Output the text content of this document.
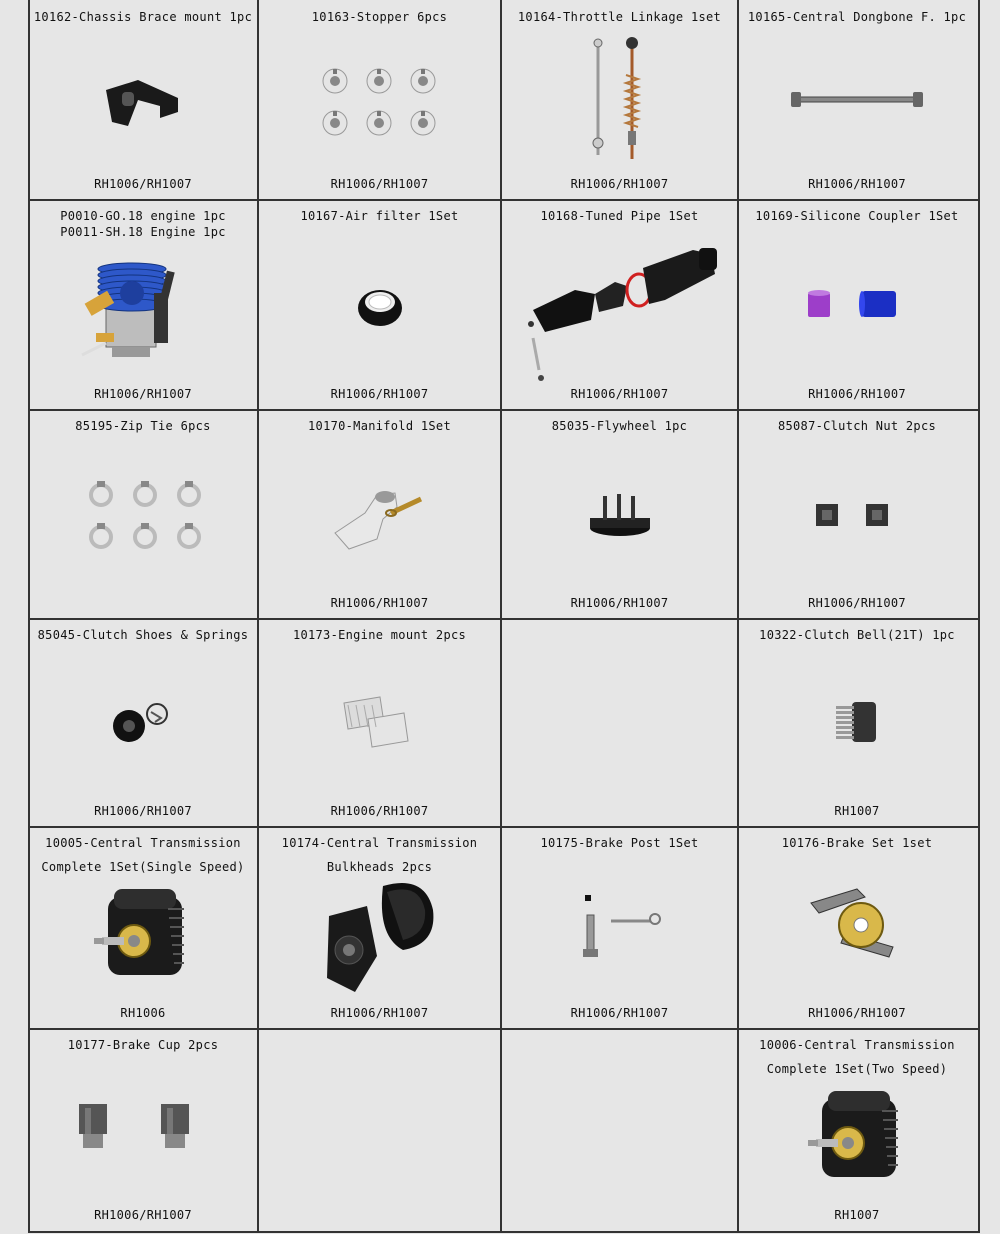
10162-Chassis Brace mount 1pc
RH1006/RH1007
10163-Stopper 6pcs
RH1006/RH1007
10164-Throttle Linkage 1set
RH1006/RH1007
10165-Central Dongbone F. 1pc
RH1006/RH1007
P0010-GO.18 engine 1pc
P0011-SH.18 Engine 1pc
RH1006/RH1007
10167-Air filter 1Set
RH1006/RH1007
10168-Tuned Pipe 1Set
RH1006/RH1007
10169-Silicone Coupler 1Set
RH1006/RH1007
85195-Zip Tie 6pcs	10170-Manifold 1Set
RH1006/RH1007
85035-Flywheel 1pc
RH1006/RH1007
85087-Clutch Nut 2pcs
RH1006/RH1007
85045-Clutch Shoes & Springs
RH1006/RH1007
10173-Engine mount 2pcs
RH1006/RH1007
10322-Clutch Bell(21T) 1pc
RH1007
10005-Central Transmission
Complete 1Set(Single Speed)
RH1006
10174-Central Transmission
Bulkheads 2pcs
RH1006/RH1007
10175-Brake Post 1Set
RH1006/RH1007
10176-Brake Set 1set
RH1006/RH1007
10177-Brake Cup 2pcs
RH1006/RH1007
10006-Central Transmission
Complete 1Set(Two Speed)
RH1007
